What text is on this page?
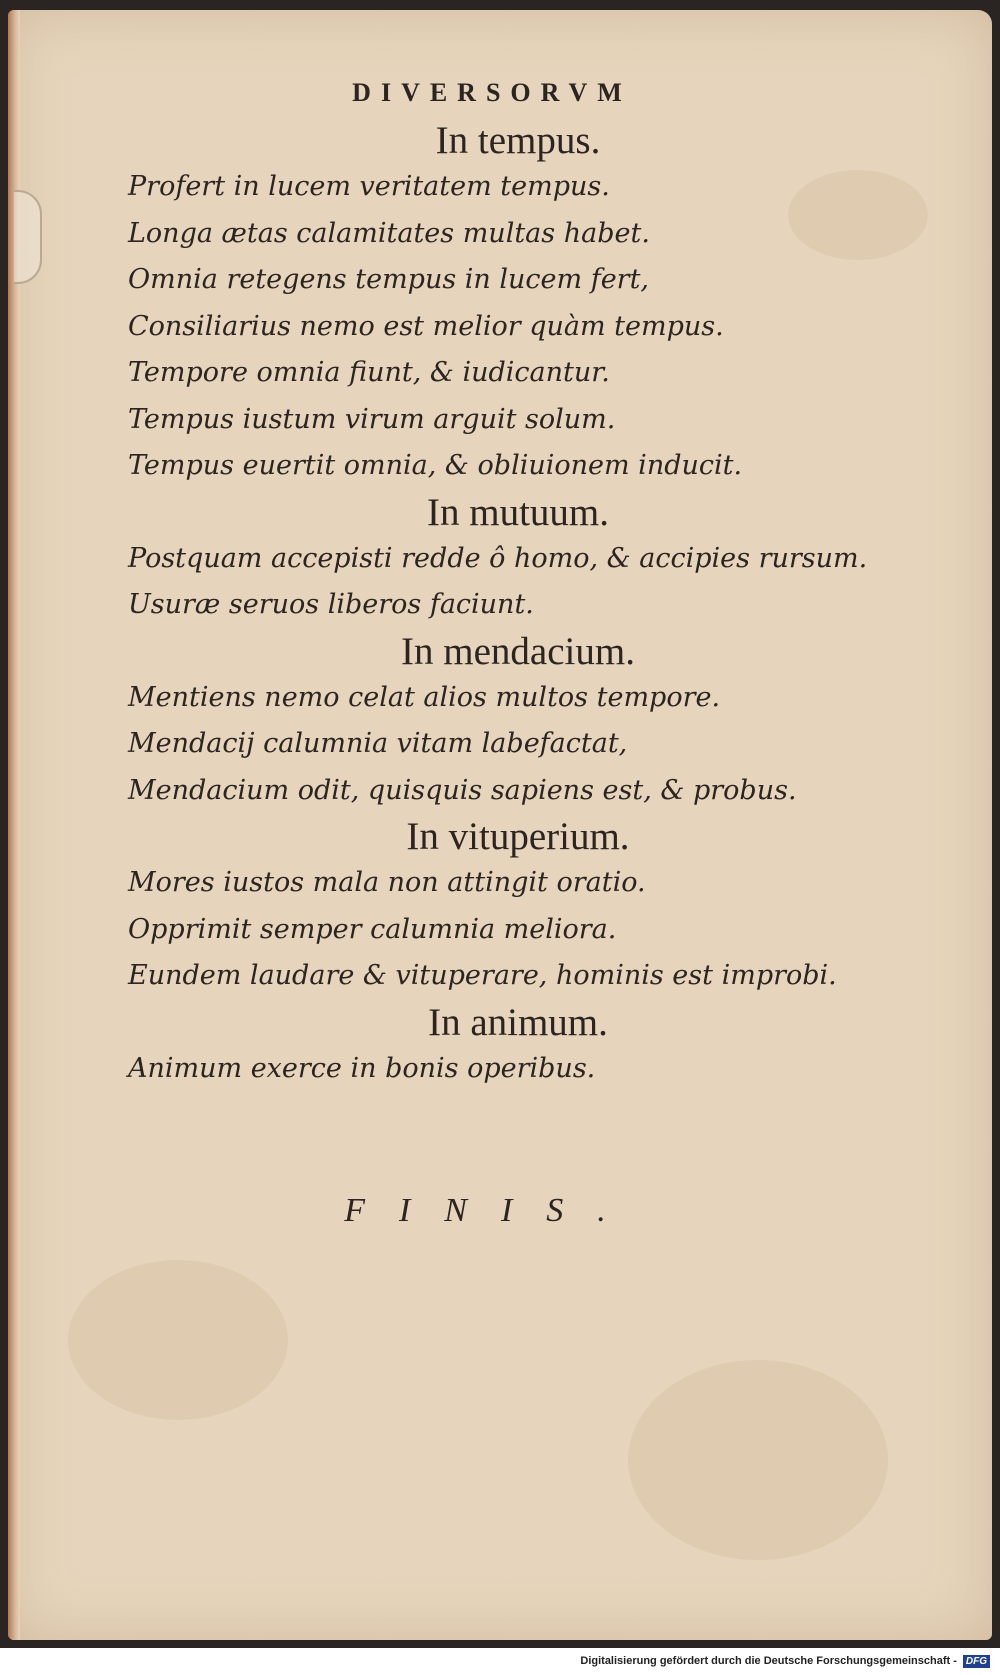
DIVERSORVM

In tempus.

Profert in lucem veritatem tempus.

Longa ætas calamitates multas habet.

Omnia retegens tempus in lucem fert,

Consiliarius nemo est melior quàm tempus.

Tempore omnia fiunt, & iudicantur.

Tempus iustum virum arguit solum.

Tempus euertit omnia, & obliuionem inducit.

In mutuum.

Postquam accepisti redde ô homo, & accipies rursum.

Usuræ seruos liberos faciunt.

In mendacium.

Mentiens nemo celat alios multos tempore.

Mendacij calumnia vitam labefactat,

Mendacium odit, quisquis sapiens est, & probus.

In vituperium.

Mores iustos mala non attingit oratio.

Opprimit semper calumnia meliora.

Eundem laudare & vituperare, hominis est improbi.

In animum.

Animum exerce in bonis operibus.

FINIS.
Digitalisierung gefördert durch die Deutsche Forschungsgemeinschaft - DFG
